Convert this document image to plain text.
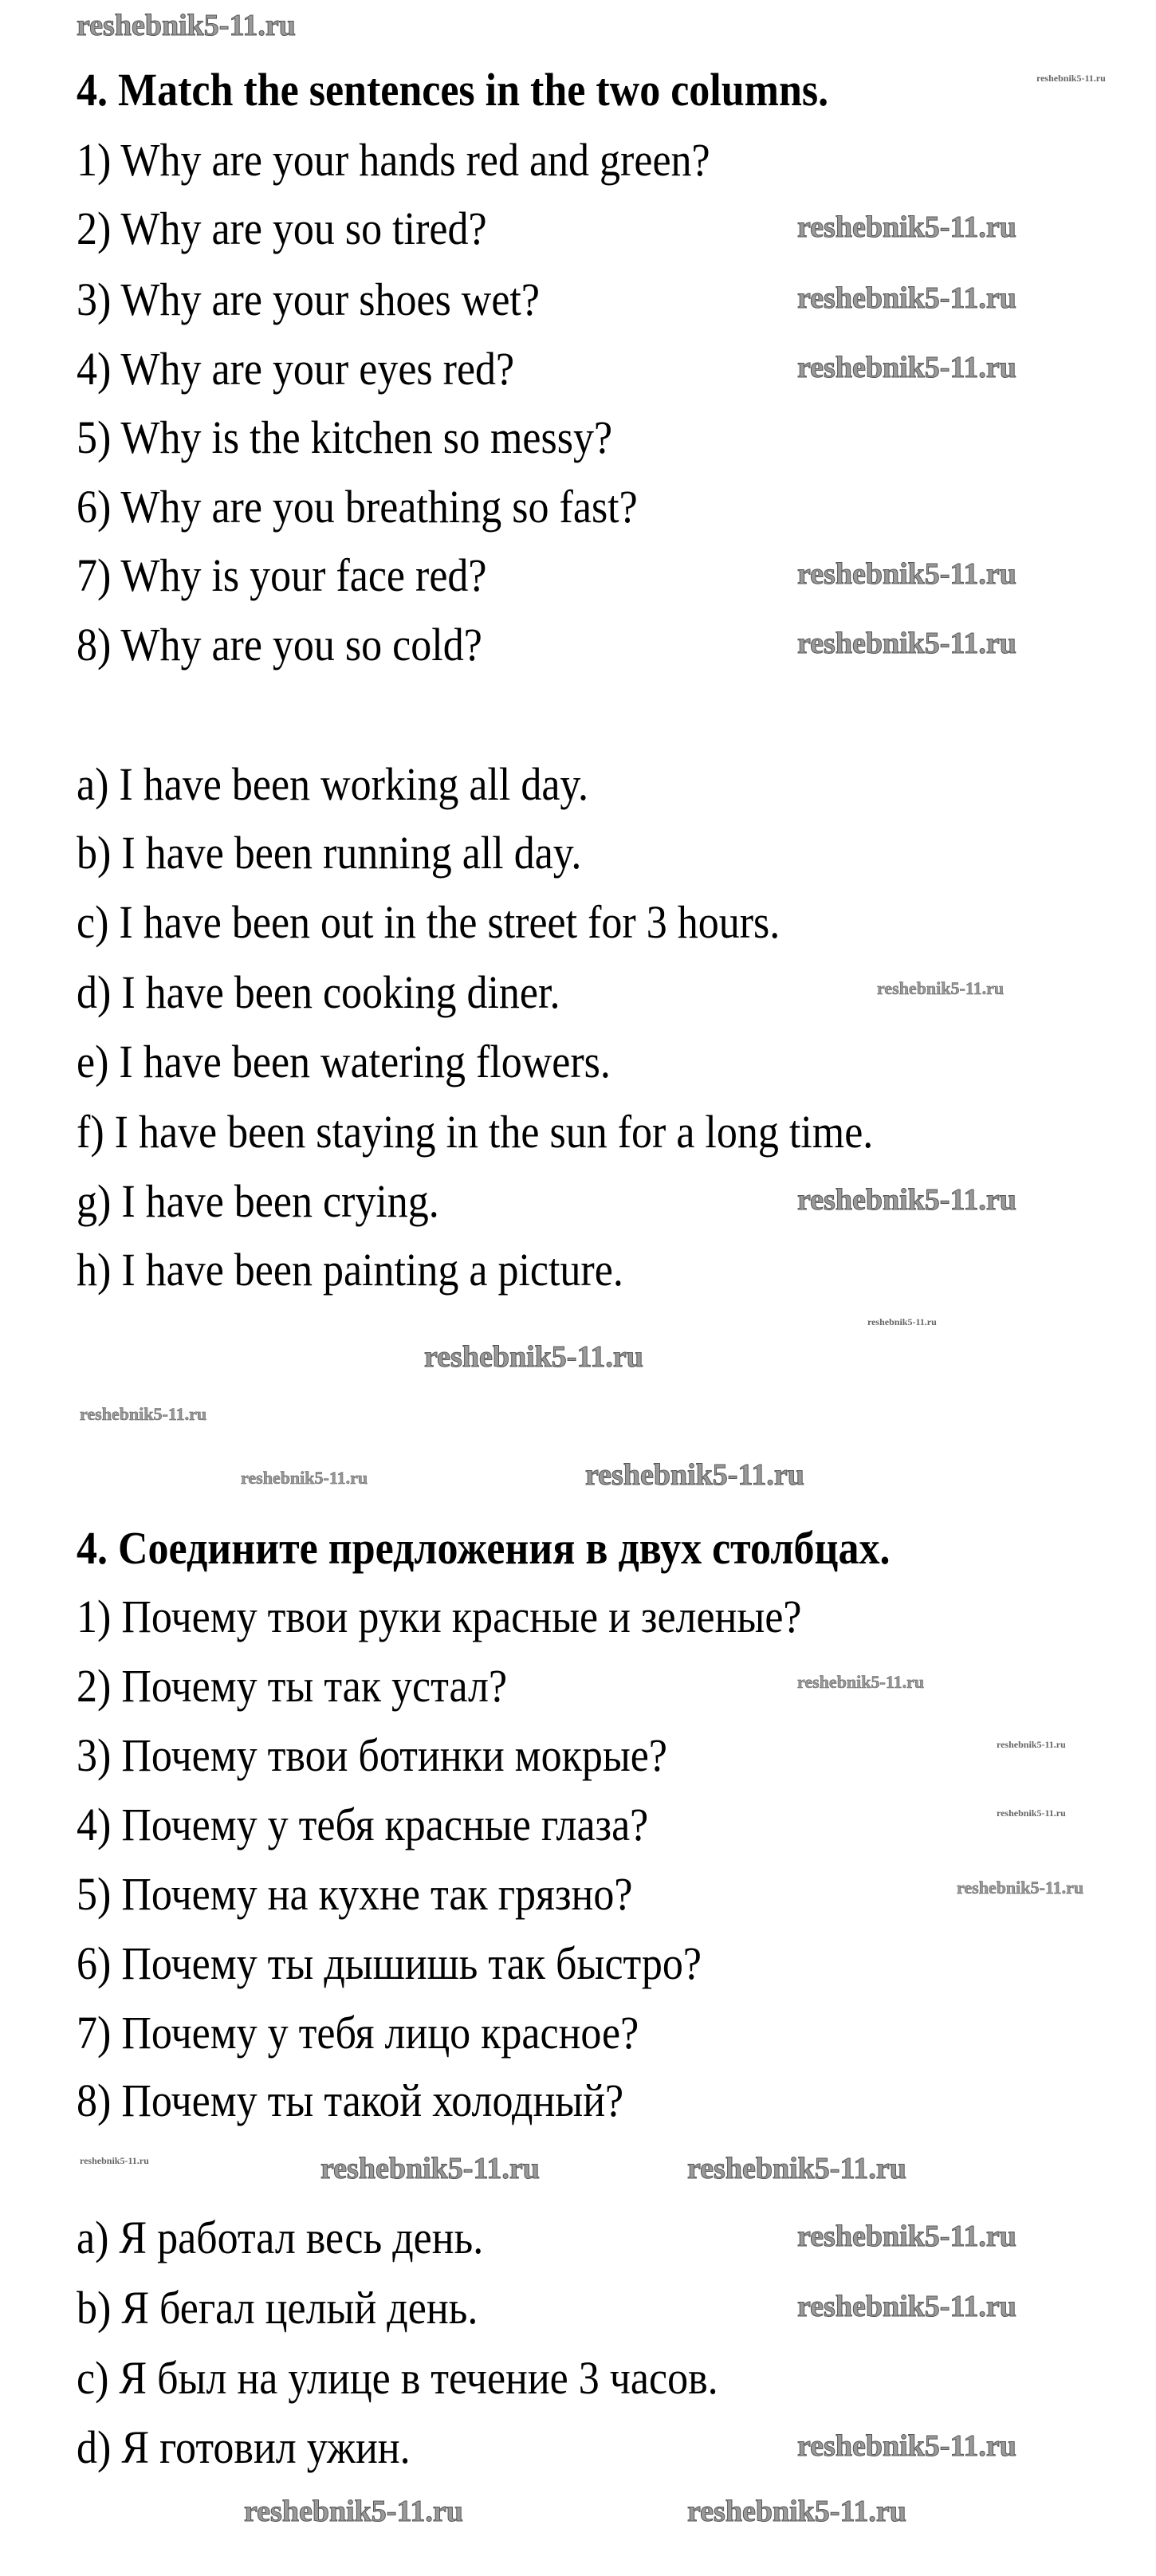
4. Match the sentences in the two columns.
1) Why are your hands red and green?
2) Why are you so tired?
3) Why are your shoes wet?
4) Why are your eyes red?
5) Why is the kitchen so messy?
6) Why are you breathing so fast?
7) Why is your face red?
8) Why are you so cold?
a) I have been working all day.
b) I have been running all day.
c) I have been out in the street for 3 hours.
d) I have been cooking diner.
e) I have been watering flowers.
f) I have been staying in the sun for a long time.
g) I have been crying.
h) I have been painting a picture.
4. Соедините предложения в двух столбцах.
1) Почему твои руки красные и зеленые?
2) Почему ты так устал?
3) Почему твои ботинки мокрые?
4) Почему у тебя красные глаза?
5) Почему на кухне так грязно?
6) Почему ты дышишь так быстро?
7) Почему у тебя лицо красное?
8) Почему ты такой холодный?
a) Я работал весь день.
b) Я бегал целый день.
c) Я был на улице в течение 3 часов.
d) Я готовил ужин.
reshebnik5-11.ru
reshebnik5-11.ru
reshebnik5-11.ru
reshebnik5-11.ru
reshebnik5-11.ru
reshebnik5-11.ru
reshebnik5-11.ru
reshebnik5-11.ru
reshebnik5-11.ru
reshebnik5-11.ru
reshebnik5-11.ru
reshebnik5-11.ru
reshebnik5-11.ru	reshebnik5-11.ru
reshebnik5-11.ru
reshebnik5-11.ru
reshebnik5-11.ru
reshebnik5-11.ru
reshebnik5-11.ru	reshebnik5-11.ru
reshebnik5-11.ru
reshebnik5-11.ru	reshebnik5-11.ru
reshebnik5-11.ru
reshebnik5-11.ru
reshebnik5-11.ru
